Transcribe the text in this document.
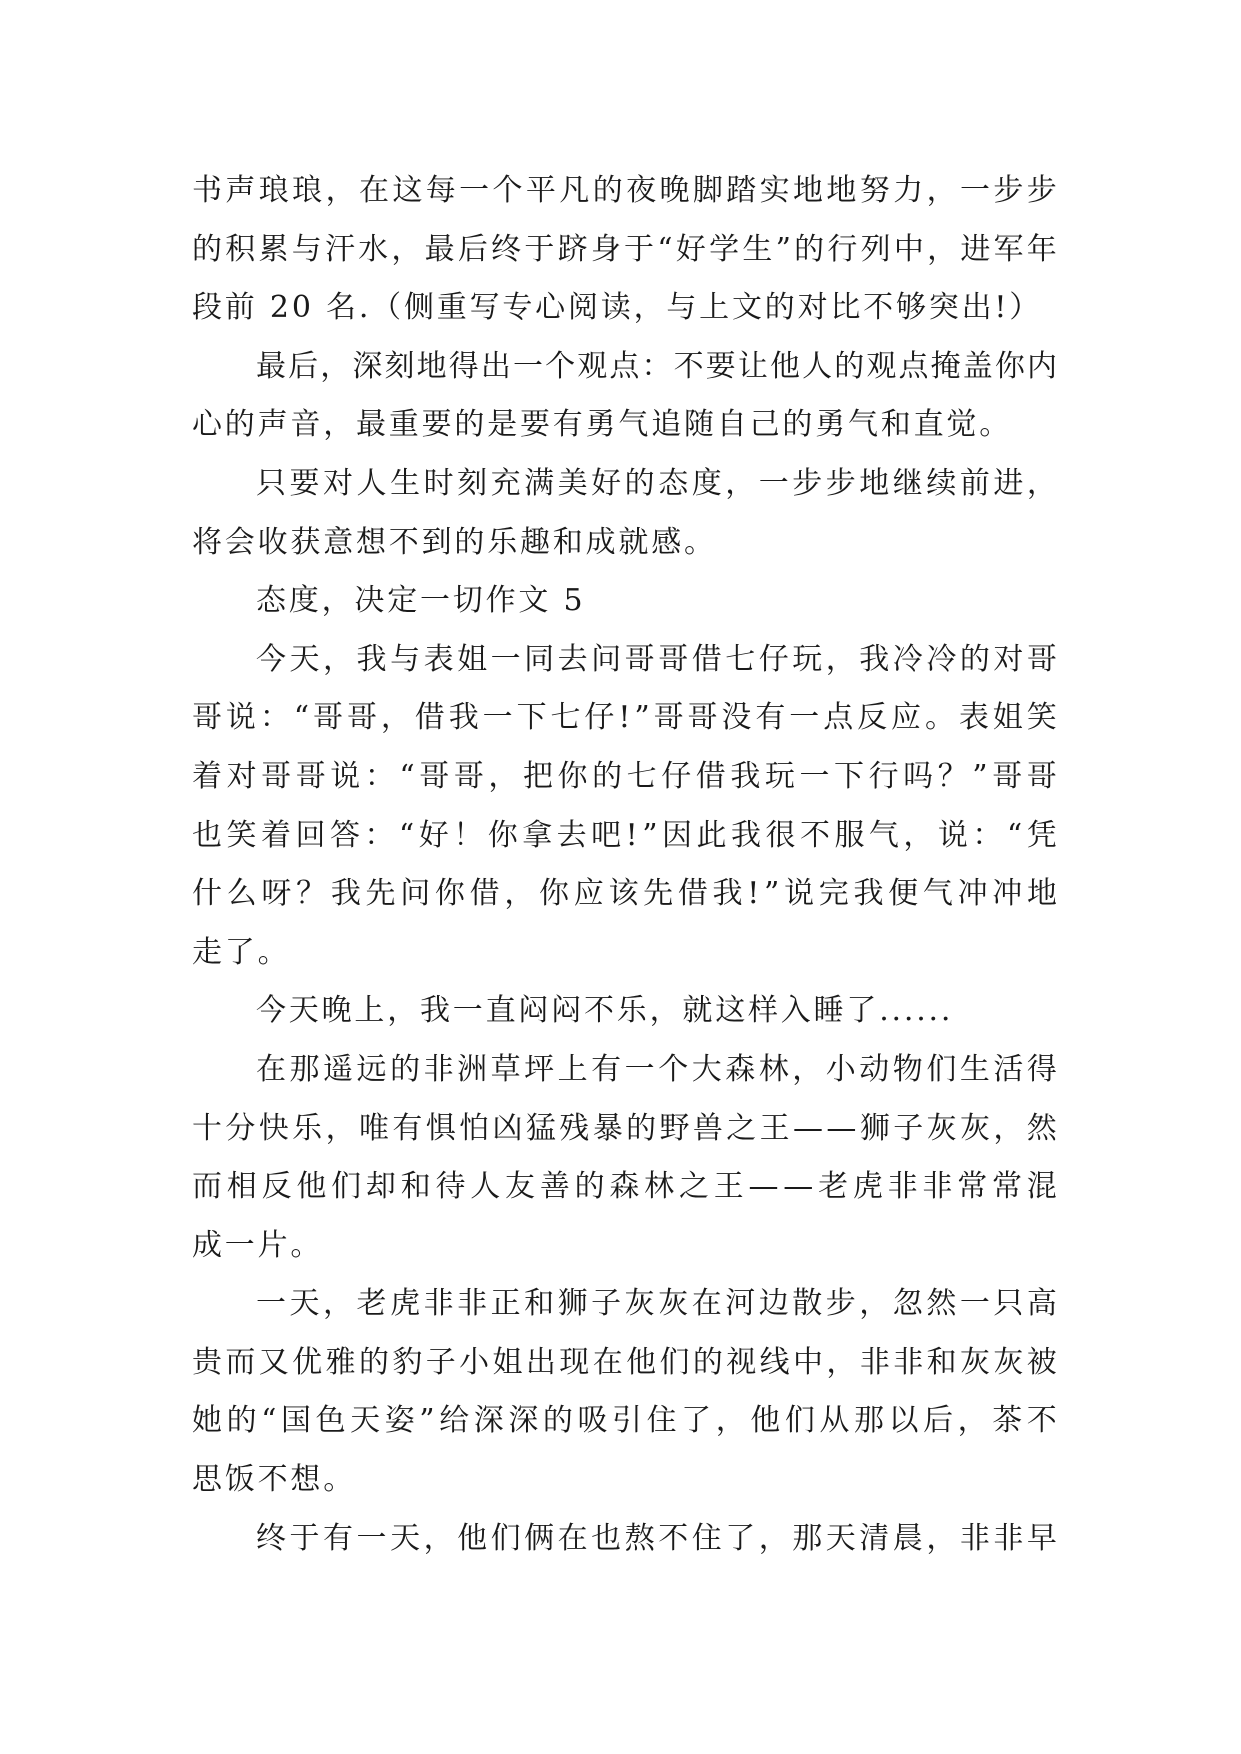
书 声 琅 琅 ， 在 这 每 一 个 平 凡 的 夜 晚 脚 踏 实 地 地 努 力 ， 一 步 步
的 积 累 与 汗 水 ， 最 后 终 于 跻 身 于 “ 好 学 生 ” 的 行 列 中 ， 进 军 年
段前 20 名.（侧重写专心阅读，与上文的对比不够突出!）
最 后 ， 深 刻 地 得 出 一 个 观 点 ： 不 要 让 他 人 的 观 点 掩 盖 你 内
心的声音，最重要的是要有勇气追随自己的勇气和直觉。
只 要 对 人 生 时 刻 充 满 美 好 的 态 度 ， 一 步 步 地 继 续 前 进 ，
将会收获意想不到的乐趣和成就感。
态度，决定一切作文 5
今 天 ， 我 与 表 姐 一 同 去 问 哥 哥 借 七 仔 玩 ， 我 冷 冷 的 对 哥
哥 说 ： “ 哥 哥 ， 借 我 一 下 七 仔 ! ” 哥 哥 没 有 一 点 反 应 。 表 姐 笑
着 对 哥 哥 说 ： “ 哥 哥 ， 把 你 的 七 仔 借 我 玩 一 下 行 吗 ？ ” 哥 哥
也 笑 着 回 答 ： “ 好 ！ 你 拿 去 吧 ! ” 因 此 我 很 不 服 气 ， 说 ： “ 凭
什 么 呀 ？ 我 先 问 你 借 ， 你 应 该 先 借 我 ! ” 说 完 我 便 气 冲 冲 地
走了。
今天晚上，我一直闷闷不乐，就这样入睡了......
在 那 遥 远 的 非 洲 草 坪 上 有 一 个 大 森 林 ， 小 动 物 们 生 活 得
十 分 快 乐 ， 唯 有 惧 怕 凶 猛 残 暴 的 野 兽 之 王 — — 狮 子 灰 灰 ， 然
而 相 反 他 们 却 和 待 人 友 善 的 森 林 之 王 — — 老 虎 非 非 常 常 混
成一片。
一 天 ， 老 虎 非 非 正 和 狮 子 灰 灰 在 河 边 散 步 ， 忽 然 一 只 高
贵 而 又 优 雅 的 豹 子 小 姐 出 现 在 他 们 的 视 线 中 ， 非 非 和 灰 灰 被
她 的 “ 国 色 天 姿 ” 给 深 深 的 吸 引 住 了 ， 他 们 从 那 以 后 ， 茶 不
思饭不想。
终 于 有 一 天 ， 他 们 俩 在 也 熬 不 住 了 ， 那 天 清 晨 ， 非 非 早
